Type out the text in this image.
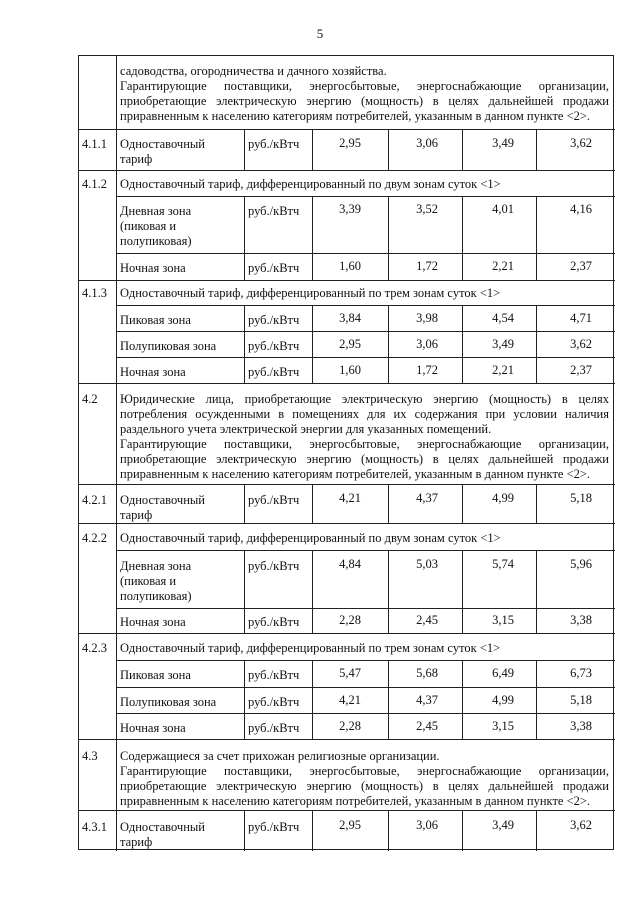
5
садоводства, огородничества и дачного хозяйства.
Гарантирующие поставщики, энергосбытовые, энергоснабжающие организации,
приобретающие электрическую энергию (мощность) в целях дальнейшей продажи
приравненным к населению категориям потребителей, указанным в данном пункте <2>.
4.1.1 Одноставочный
тариф
руб./кВтч	2,95	3,06	3,49	3,62
4.1.2 Одноставочный тариф, дифференцированный по двум зонам суток <1>
Дневная зона
(пиковая и
полупиковая)
руб./кВтч	3,39	3,52	4,01	4,16
Ночная зона	руб./кВтч	1,60	1,72	2,21	2,37
4.1.3 Одноставочный тариф, дифференцированный по трем зонам суток <1>
Пиковая зона	руб./кВтч	3,84	3,98	4,54	4,71
Полупиковая зона	руб./кВтч	2,95	3,06	3,49	3,62
Ночная зона	руб./кВтч	1,60	1,72	2,21	2,37
4.2 Юридические лица, приобретающие электрическую энергию (мощность) в целях
потребления осужденными в помещениях для их содержания при условии наличия
раздельного учета электрической энергии для указанных помещений.
Гарантирующие поставщики, энергосбытовые, энергоснабжающие организации,
приобретающие электрическую энергию (мощность) в целях дальнейшей продажи
приравненным к населению категориям потребителей, указанным в данном пункте <2>.
4.2.1 Одноставочный
тариф
руб./кВтч	4,21	4,37	4,99	5,18
4.2.2 Одноставочный тариф, дифференцированный по двум зонам суток <1>
Дневная зона
(пиковая и
полупиковая)
руб./кВтч	4,84	5,03	5,74	5,96
Ночная зона	руб./кВтч	2,28	2,45	3,15	3,38
4.2.3 Одноставочный тариф, дифференцированный по трем зонам суток <1>
Пиковая зона	руб./кВтч	5,47	5,68	6,49	6,73
Полупиковая зона	руб./кВтч	4,21	4,37	4,99	5,18
Ночная зона	руб./кВтч	2,28	2,45	3,15	3,38
4.3 Содержащиеся за счет прихожан религиозные организации.
Гарантирующие поставщики, энергосбытовые, энергоснабжающие организации,
приобретающие электрическую энергию (мощность) в целях дальнейшей продажи
приравненным к населению категориям потребителей, указанным в данном пункте <2>.
4.3.1 Одноставочный
тариф
руб./кВтч	2,95	3,06	3,49	3,62
